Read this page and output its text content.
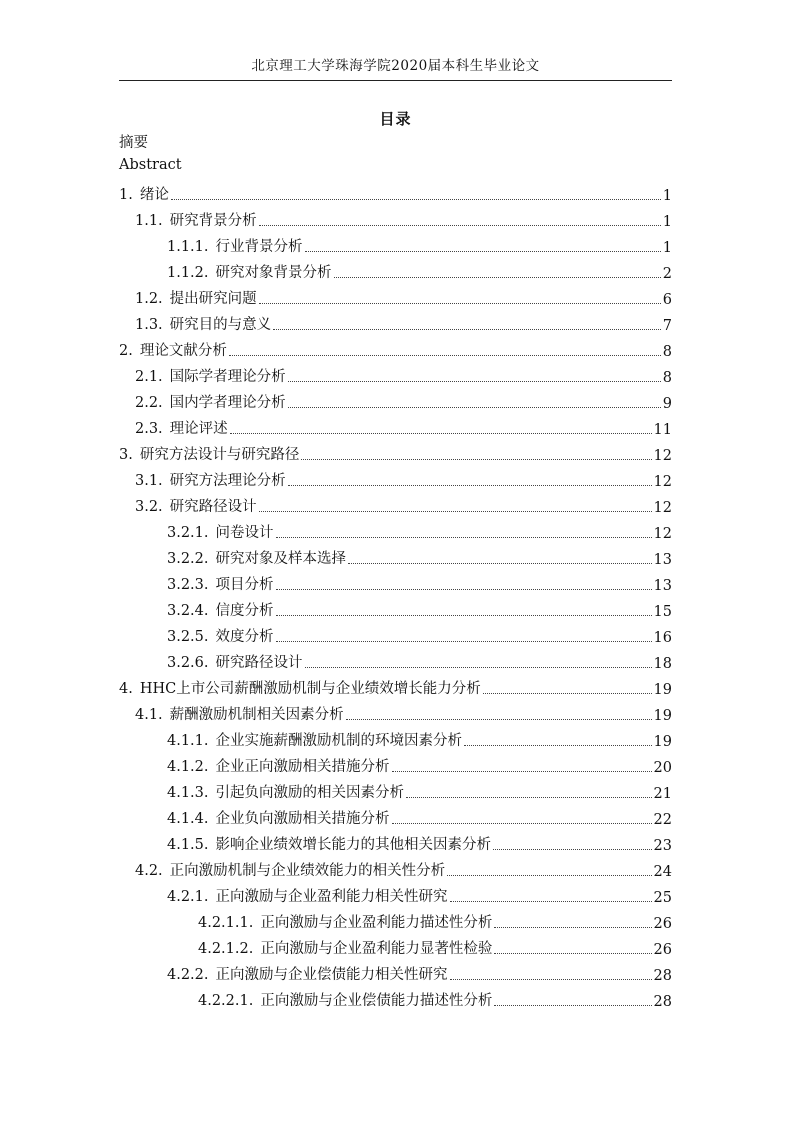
北京理工大学珠海学院2020届本科生毕业论文
目录
摘要
Abstract
1. 绪论	1
1.1. 研究背景分析	1
1.1.1. 行业背景分析	1
1.1.2. 研究对象背景分析	2
1.2. 提出研究问题	6
1.3. 研究目的与意义	7
2. 理论文献分析	8
2.1. 国际学者理论分析	8
2.2. 国内学者理论分析	9
2.3. 理论评述	11
3. 研究方法设计与研究路径	12
3.1. 研究方法理论分析	12
3.2. 研究路径设计	12
3.2.1. 问卷设计	12
3.2.2. 研究对象及样本选择	13
3.2.3. 项目分析	13
3.2.4. 信度分析	15
3.2.5. 效度分析	16
3.2.6. 研究路径设计	18
4. HHC上市公司薪酬激励机制与企业绩效增长能力分析	19
4.1. 薪酬激励机制相关因素分析	19
4.1.1. 企业实施薪酬激励机制的环境因素分析	19
4.1.2. 企业正向激励相关措施分析	20
4.1.3. 引起负向激励的相关因素分析	21
4.1.4. 企业负向激励相关措施分析	22
4.1.5. 影响企业绩效增长能力的其他相关因素分析	23
4.2. 正向激励机制与企业绩效能力的相关性分析	24
4.2.1. 正向激励与企业盈利能力相关性研究	25
4.2.1.1. 正向激励与企业盈利能力描述性分析	26
4.2.1.2. 正向激励与企业盈利能力显著性检验	26
4.2.2. 正向激励与企业偿债能力相关性研究	28
4.2.2.1. 正向激励与企业偿债能力描述性分析	28
